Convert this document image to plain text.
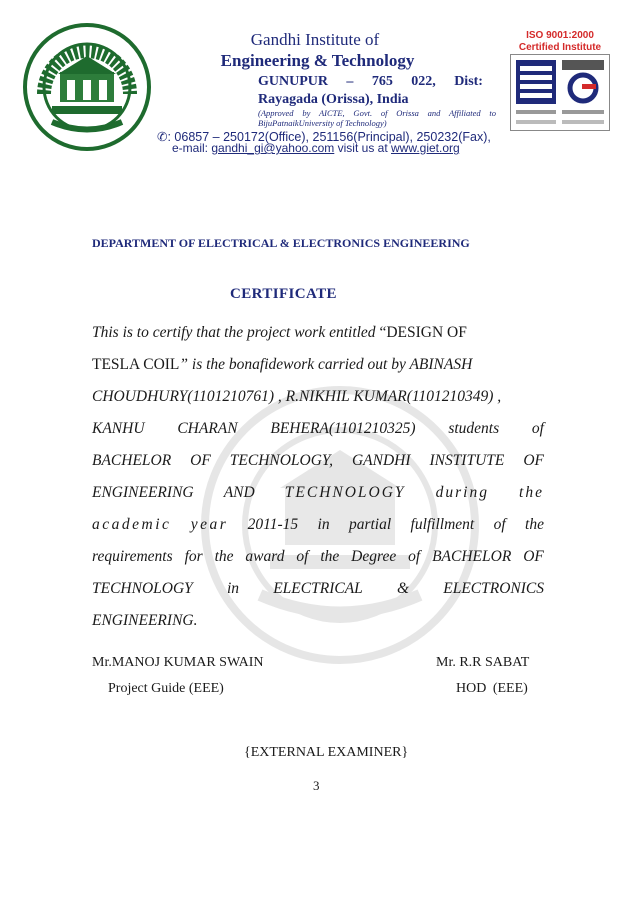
Gandhi Institute of
Engineering & Technology
GUNUPUR – 765 022, Dist:
Rayagada (Orissa), India
(Approved by AICTE, Govt. of Orissa and Affiliated to BijuPatnaikUniversity of Technology)
✆: 06857 – 250172(Office), 251156(Principal), 250232(Fax),
e-mail: gandhi_gi@yahoo.com visit us at www.giet.org
ISO 9001:2000
Certified Institute
DEPARTMENT OF ELECTRICAL & ELECTRONICS ENGINEERING
CERTIFICATE
This is to certify that the project work entitled “DESIGN OF
TESLA COIL” is the bonafidework carried out by ABINASH
CHOUDHURY(1101210761) , R.NIKHIL KUMAR(1101210349) ,
KANHU CHARAN BEHERA(1101210325) students of
BACHELOR OF TECHNOLOGY, GANDHI INSTITUTE OF
ENGINEERING AND TECHNOLOGY during the
academic year 2011-15 in partial fulfillment of the
requirements for the award of the Degree of BACHELOR OF
TECHNOLOGY in ELECTRICAL & ELECTRONICS
ENGINEERING.
Mr.MANOJ KUMAR SWAIN
Project Guide (EEE)
Mr. R.R SABAT
HOD (EEE)
{EXTERNAL EXAMINER}
3
